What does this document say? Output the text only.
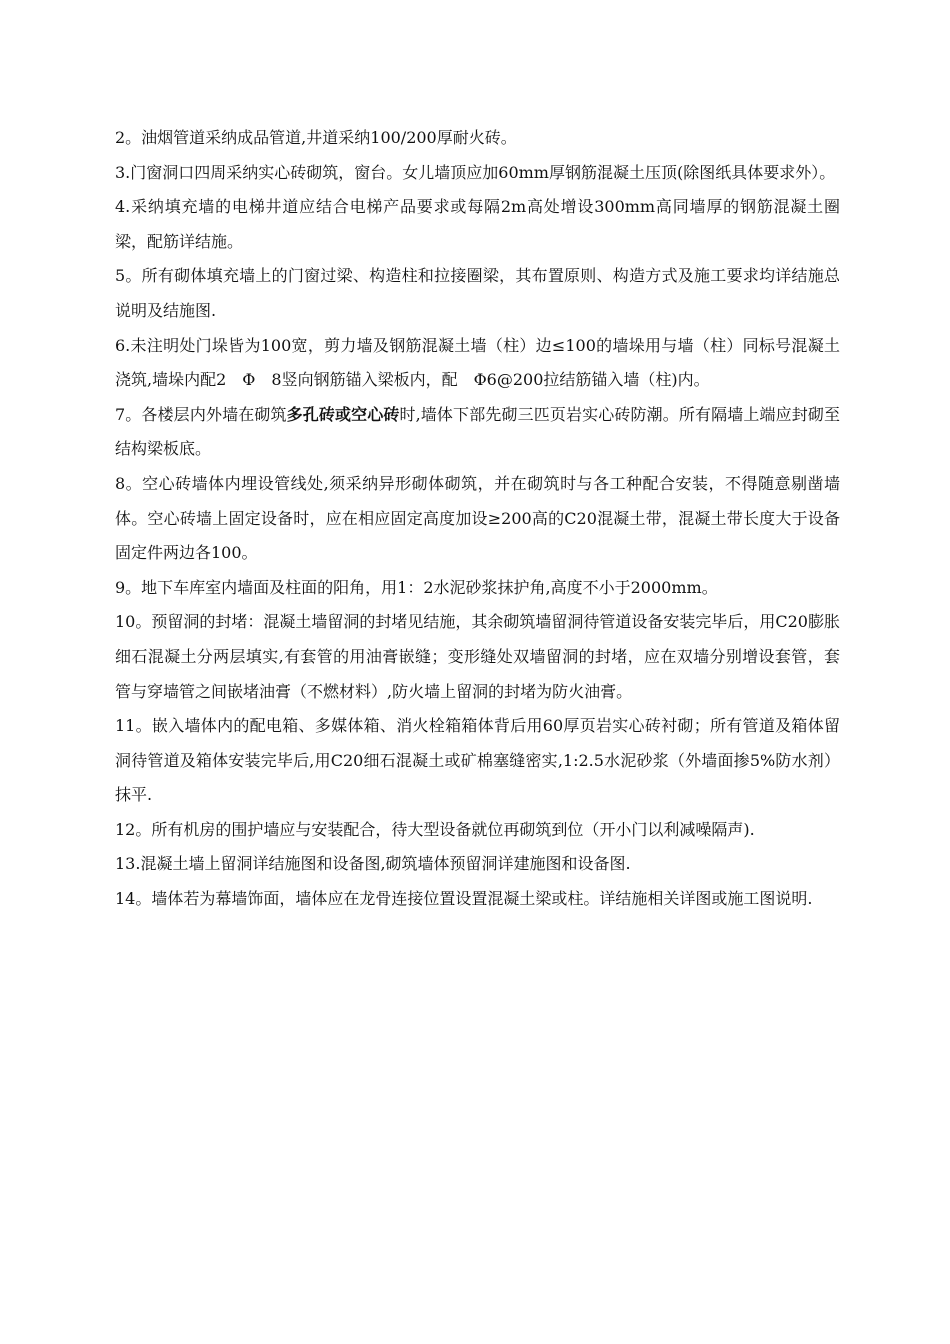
2。油烟管道采纳成品管道,井道采纳100/200厚耐火砖。

3.门窗洞口四周采纳实心砖砌筑，窗台。女儿墙顶应加60mm厚钢筋混凝土压顶(除图纸具体要求外）。

4.采纳填充墙的电梯井道应结合电梯产品要求或每隔2m高处增设300mm高同墙厚的钢筋混凝土圈梁，配筋详结施。

5。所有砌体填充墙上的门窗过梁、构造柱和拉接圈梁，其布置原则、构造方式及施工要求均详结施总说明及结施图.

6.未注明处门垛皆为100宽，剪力墙及钢筋混凝土墙（柱）边≤100的墙垛用与墙（柱）同标号混凝土浇筑,墙垛内配2　Φ　8竖向钢筋锚入梁板内，配　Φ6@200拉结筋锚入墙（柱)内。

7。各楼层内外墙在砌筑多孔砖或空心砖时,墙体下部先砌三匹页岩实心砖防潮。所有隔墙上端应封砌至结构梁板底。

8。空心砖墙体内埋设管线处,须采纳异形砌体砌筑，并在砌筑时与各工种配合安装，不得随意剔凿墙体。空心砖墙上固定设备时，应在相应固定高度加设≥200高的C20混凝土带，混凝土带长度大于设备固定件两边各100。

9。地下车库室内墙面及柱面的阳角，用1：2水泥砂浆抹护角,高度不小于2000mm。

10。预留洞的封堵：混凝土墙留洞的封堵见结施，其余砌筑墙留洞待管道设备安装完毕后，用C20膨胀细石混凝土分两层填实,有套管的用油膏嵌缝；变形缝处双墙留洞的封堵，应在双墙分别增设套管，套管与穿墙管之间嵌堵油膏（不燃材料）,防火墙上留洞的封堵为防火油膏。

11。嵌入墙体内的配电箱、多媒体箱、消火栓箱箱体背后用60厚页岩实心砖衬砌；所有管道及箱体留洞待管道及箱体安装完毕后,用C20细石混凝土或矿棉塞缝密实,1:2.5水泥砂浆（外墙面掺5%防水剂）抹平.

12。所有机房的围护墙应与安装配合，待大型设备就位再砌筑到位（开小门以利减噪隔声).

13.混凝土墙上留洞详结施图和设备图,砌筑墙体预留洞详建施图和设备图.

14。墙体若为幕墙饰面，墙体应在龙骨连接位置设置混凝土梁或柱。详结施相关详图或施工图说明.
